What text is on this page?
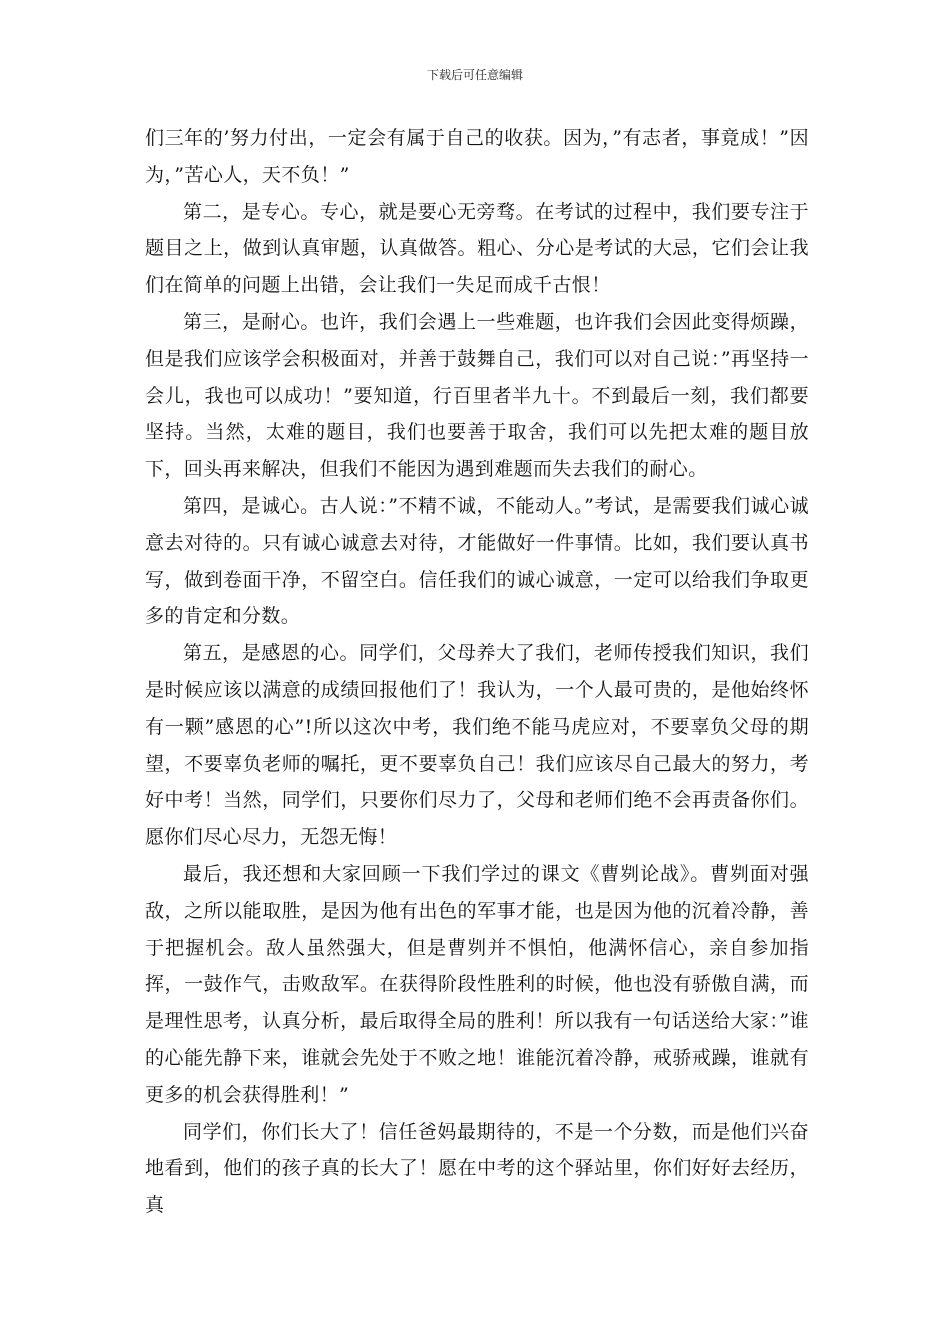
下载后可任意编辑

们三年的’努力付出，一定会有属于自己的收获。因为，”有志者，事竟成！”因为，”苦心人，天不负！”

第二，是专心。专心，就是要心无旁骛。在考试的过程中，我们要专注于题目之上，做到认真审题，认真做答。粗心、分心是考试的大忌，它们会让我们在简单的问题上出错，会让我们一失足而成千古恨！

第三，是耐心。也许，我们会遇上一些难题，也许我们会因此变得烦躁，但是我们应该学会积极面对，并善于鼓舞自己，我们可以对自己说：”再坚持一会儿，我也可以成功！”要知道，行百里者半九十。不到最后一刻，我们都要坚持。当然，太难的题目，我们也要善于取舍，我们可以先把太难的题目放下，回头再来解决，但我们不能因为遇到难题而失去我们的耐心。

第四，是诚心。古人说：”不精不诚，不能动人。”考试，是需要我们诚心诚意去对待的。只有诚心诚意去对待，才能做好一件事情。比如，我们要认真书写，做到卷面干净，不留空白。信任我们的诚心诚意，一定可以给我们争取更多的肯定和分数。

第五，是感恩的心。同学们，父母养大了我们，老师传授我们知识，我们是时候应该以满意的成绩回报他们了！我认为，一个人最可贵的，是他始终怀有一颗”感恩的心”!所以这次中考，我们绝不能马虎应对，不要辜负父母的期望，不要辜负老师的嘱托，更不要辜负自己！我们应该尽自己最大的努力，考好中考！当然，同学们，只要你们尽力了，父母和老师们绝不会再责备你们。愿你们尽心尽力，无怨无悔！

最后，我还想和大家回顾一下我们学过的课文《曹刿论战》。曹刿面对强敌，之所以能取胜，是因为他有出色的军事才能，也是因为他的沉着冷静，善于把握机会。敌人虽然强大，但是曹刿并不惧怕，他满怀信心，亲自参加指挥，一鼓作气，击败敌军。在获得阶段性胜利的时候，他也没有骄傲自满，而是理性思考，认真分析，最后取得全局的胜利！所以我有一句话送给大家：”谁的心能先静下来，谁就会先处于不败之地！谁能沉着冷静，戒骄戒躁，谁就有更多的机会获得胜利！”

同学们，你们长大了！信任爸妈最期待的，不是一个分数，而是他们兴奋地看到，他们的孩子真的长大了！愿在中考的这个驿站里，你们好好去经历，真
